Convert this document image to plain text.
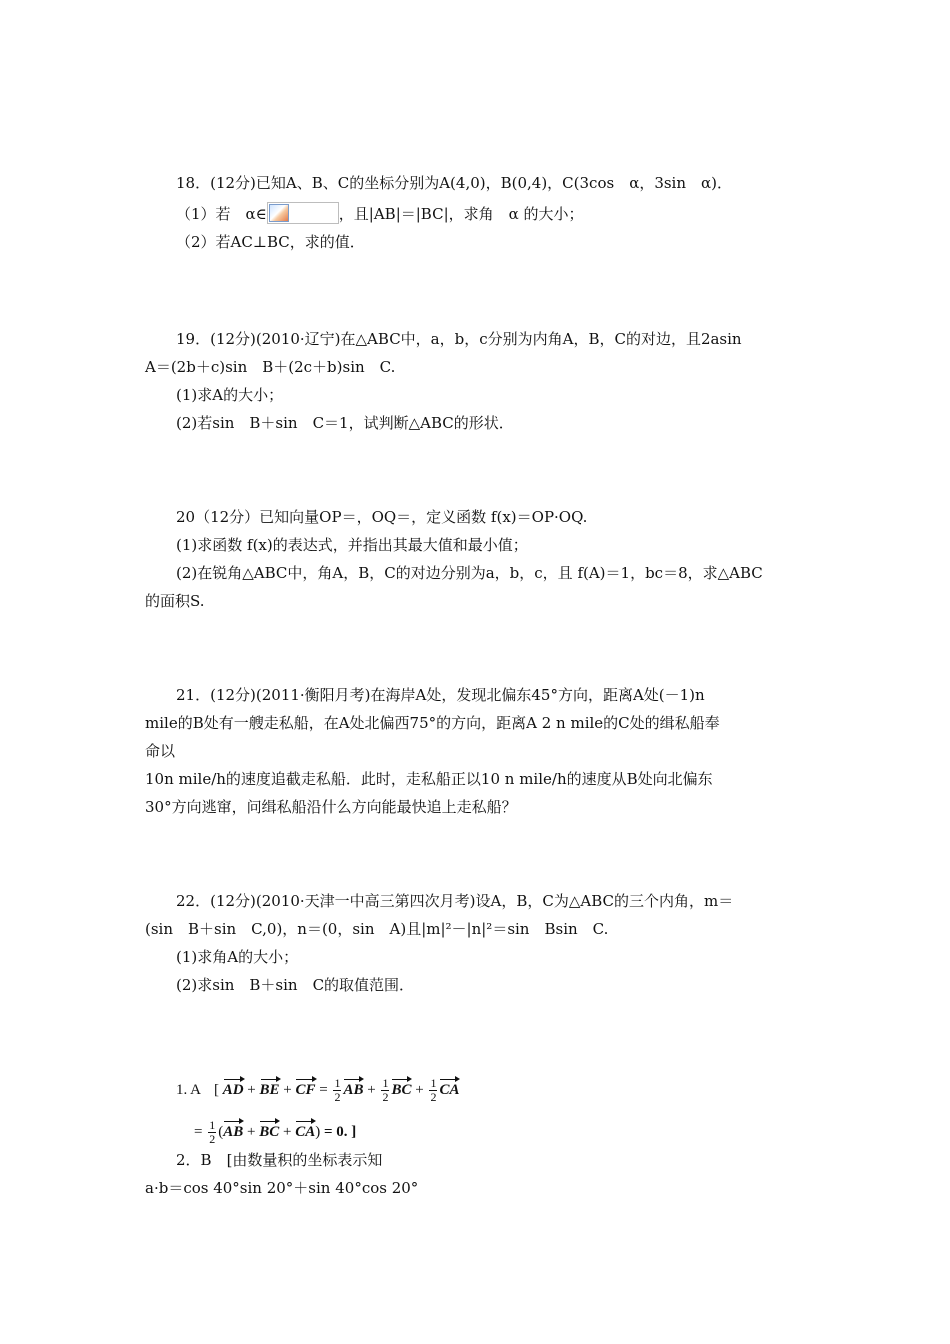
18．(12分)已知A、B、C的坐标分别为A(4,0)，B(0,4)，C(3cos　α，3sin　α)．
（1）若　α∈	，且|AB|＝|BC|，求角　α 的大小；
（2）若AC⊥BC，求的值．
19．(12分)(2010·辽宁)在△ABC中，a，b，c分别为内角A，B，C的对边，且2asin
A＝(2b＋c)sin　B＋(2c＋b)sin　C.
(1)求A的大小；
(2)若sin　B＋sin　C＝1，试判断△ABC的形状．
20（12分）已知向量OP＝，OQ＝，定义函数 f(x)＝OP·OQ.
(1)求函数 f(x)的表达式，并指出其最大值和最小值；
(2)在锐角△ABC中，角A，B，C的对边分别为a，b，c，且 f(A)＝1，bc＝8，求△ABC
的面积S.
21．(12分)(2011·衡阳月考)在海岸A处，发现北偏东45°方向，距离A处(－1)n
mile的B处有一艘走私船，在A处北偏西75°的方向，距离A 2 n mile的C处的缉私船奉
命以
10n mile/h的速度追截走私船．此时，走私船正以10 n mile/h的速度从B处向北偏东
30°方向逃窜，问缉私船沿什么方向能最快追上走私船？
22．(12分)(2010·天津一中高三第四次月考)设A，B，C为△ABC的三个内角，m＝
(sin　B＋sin　C,0)，n＝(0，sin　A)且|m|²－|n|²＝sin　Bsin　C.
(1)求角A的大小；
(2)求sin　B＋sin　C的取值范围．
1. A [ AD + BE + CF = $\frac{1}{2}$ AB + $\frac{1}{2}$ BC + $\frac{1}{2}$ CA
= $\frac{1}{2} (AB$ + BC + CA) = 0. ]
2．B　[由数量积的坐标表示知
a·b＝cos 40°sin 20°＋sin 40°cos 20°
